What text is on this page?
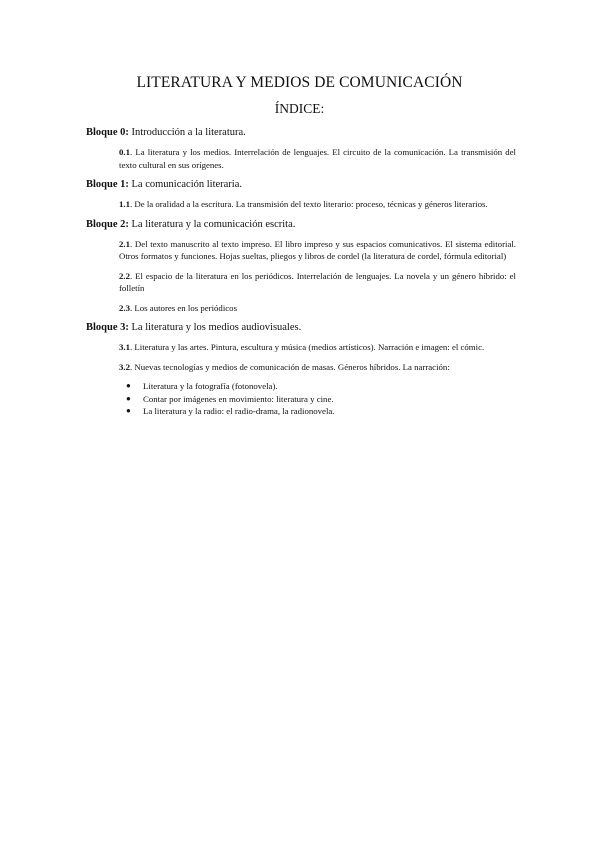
LITERATURA Y MEDIOS DE COMUNICACIÓN
ÍNDICE:

Bloque 0: Introducción a la literatura.

0.1. La literatura y los medios. Interrelación de lenguajes. El circuito de la comunicación. La transmisión del texto cultural en sus orígenes.

Bloque 1: La comunicación literaria.

1.1. De la oralidad a la escritura. La transmisión del texto literario: proceso, técnicas y géneros literarios.

Bloque 2: La literatura y la comunicación escrita.

2.1. Del texto manuscrito al texto impreso. El libro impreso y sus espacios comunicativos. El sistema editorial. Otros formatos y funciones. Hojas sueltas, pliegos y libros de cordel (la literatura de cordel, fórmula editorial)

2.2. El espacio de la literatura en los periódicos. Interrelación de lenguajes. La novela y un género híbrido: el folletín

2.3. Los autores en los periódicos

Bloque 3: La literatura y los medios audiovisuales.

3.1. Literatura y las artes. Pintura, escultura y música (medios artísticos). Narración e imagen: el cómic.

3.2. Nuevas tecnologías y medios de comunicación de masas. Géneros híbridos. La narración:

● Literatura y la fotografía (fotonovela).
● Contar por imágenes en movimiento: literatura y cine.
● La literatura y la radio: el radio-drama, la radionovela.
